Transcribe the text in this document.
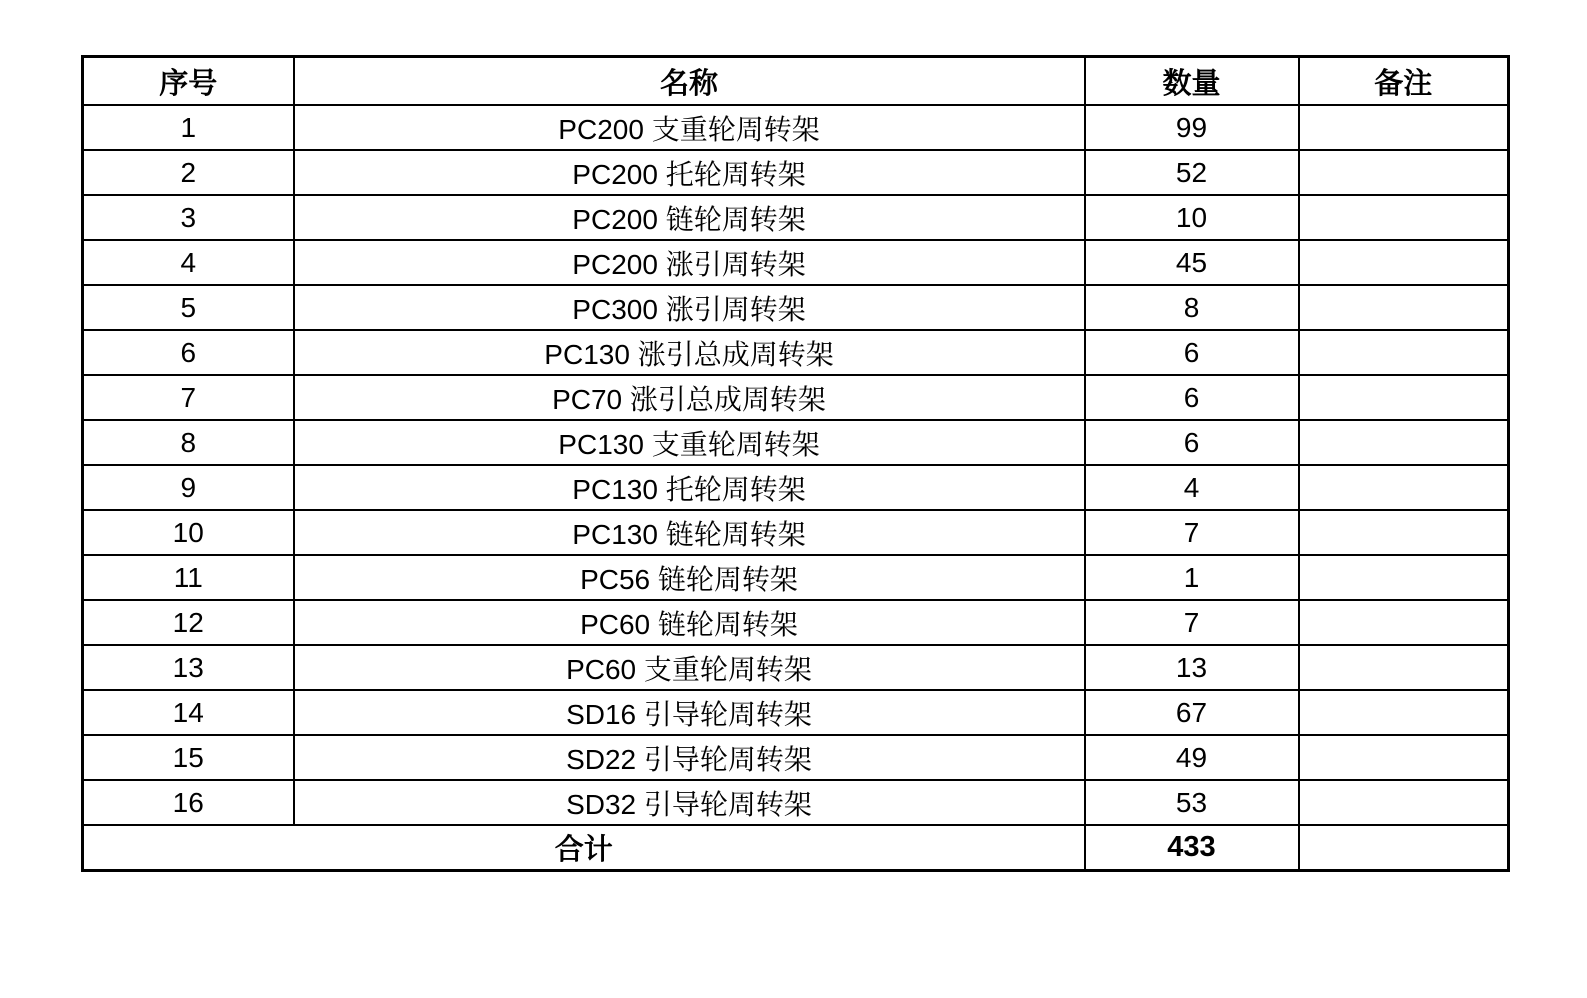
序号	名称	数量	备注
1	PC200 支重轮周转架	99	
2	PC200 托轮周转架	52	
3	PC200 链轮周转架	10	
4	PC200 涨引周转架	45	
5	PC300 涨引周转架	8	
6	PC130 涨引总成周转架	6	
7	PC70 涨引总成周转架	6	
8	PC130 支重轮周转架	6	
9	PC130 托轮周转架	4	
10	PC130 链轮周转架	7	
11	PC56 链轮周转架	1	
12	PC60 链轮周转架	7	
13	PC60 支重轮周转架	13	
14	SD16 引导轮周转架	67	
15	SD22 引导轮周转架	49	
16	SD32 引导轮周转架	53	
合计		433	
